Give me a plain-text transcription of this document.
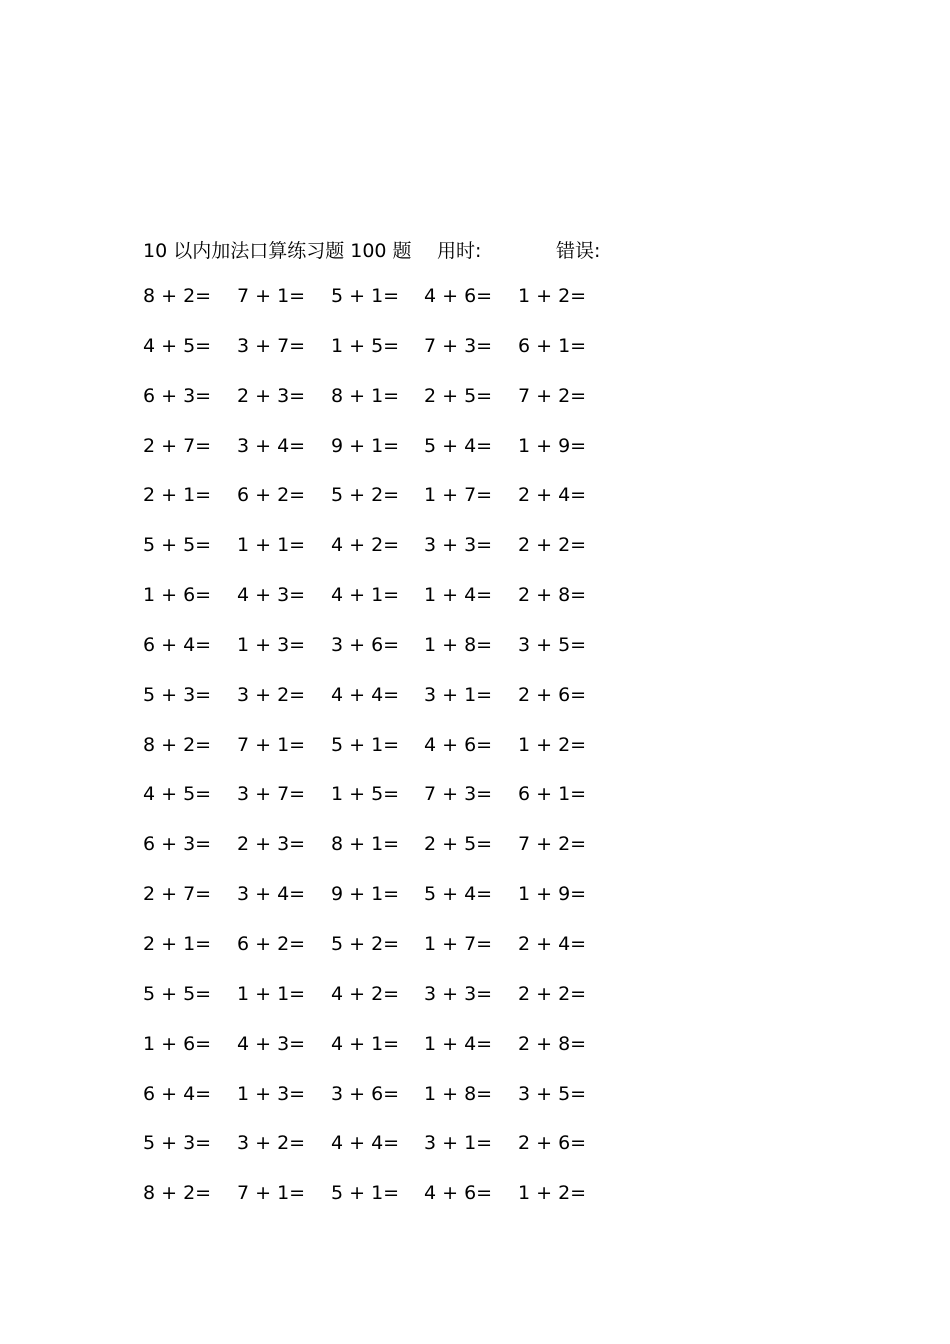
10 以内加法口算练习题 100 题 用时:	错误:
8 + 2= 7 + 1= 5 + 1= 4 + 6= 1 + 2=
4 + 5= 3 + 7= 1 + 5= 7 + 3= 6 + 1=
6 + 3= 2 + 3= 8 + 1= 2 + 5= 7 + 2=
2 + 7= 3 + 4= 9 + 1= 5 + 4= 1 + 9=
2 + 1= 6 + 2= 5 + 2= 1 + 7= 2 + 4=
5 + 5= 1 + 1= 4 + 2= 3 + 3= 2 + 2=
1 + 6= 4 + 3= 4 + 1= 1 + 4= 2 + 8=
6 + 4= 1 + 3= 3 + 6= 1 + 8= 3 + 5=
5 + 3= 3 + 2= 4 + 4= 3 + 1= 2 + 6=
8 + 2= 7 + 1= 5 + 1= 4 + 6= 1 + 2=
4 + 5= 3 + 7= 1 + 5= 7 + 3= 6 + 1=
6 + 3= 2 + 3= 8 + 1= 2 + 5= 7 + 2=
2 + 7= 3 + 4= 9 + 1= 5 + 4= 1 + 9=
2 + 1= 6 + 2= 5 + 2= 1 + 7= 2 + 4=
5 + 5= 1 + 1= 4 + 2= 3 + 3= 2 + 2=
1 + 6= 4 + 3= 4 + 1= 1 + 4= 2 + 8=
6 + 4= 1 + 3= 3 + 6= 1 + 8= 3 + 5=
5 + 3= 3 + 2= 4 + 4= 3 + 1= 2 + 6=
8 + 2= 7 + 1= 5 + 1= 4 + 6= 1 + 2=
